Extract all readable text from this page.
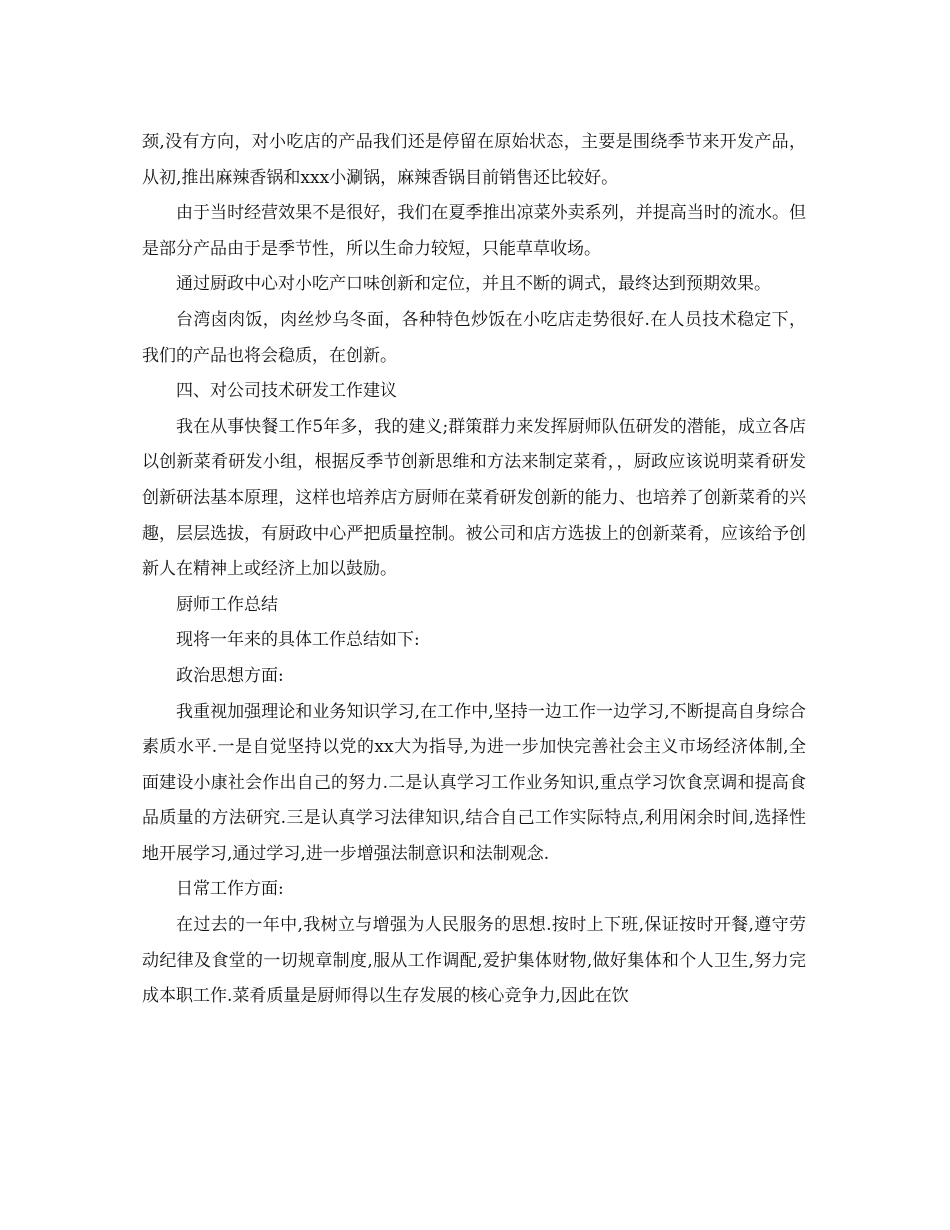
颈,没有方向，对小吃店的产品我们还是停留在原始状态，主要是围绕季节来开发产品，从初,推出麻辣香锅和xxx小涮锅，麻辣香锅目前销售还比较好。

由于当时经营效果不是很好，我们在夏季推出凉菜外卖系列，并提高当时的流水。但是部分产品由于是季节性，所以生命力较短，只能草草收场。

通过厨政中心对小吃产口味创新和定位，并且不断的调式，最终达到预期效果。

台湾卤肉饭，肉丝炒乌冬面，各种特色炒饭在小吃店走势很好.在人员技术稳定下，我们的产品也将会稳质，在创新。

四、对公司技术研发工作建议

我在从事快餐工作5年多，我的建义;群策群力来发挥厨师队伍研发的潜能，成立各店以创新菜肴研发小组，根据反季节创新思维和方法来制定菜肴，，厨政应该说明菜肴研发创新研法基本原理，这样也培养店方厨师在菜肴研发创新的能力、也培养了创新菜肴的兴趣，层层选拔，有厨政中心严把质量控制。被公司和店方选拔上的创新菜肴，应该给予创新人在精神上或经济上加以鼓励。

厨师工作总结

现将一年来的具体工作总结如下:

政治思想方面:

我重视加强理论和业务知识学习,在工作中,坚持一边工作一边学习,不断提高自身综合素质水平.一是自觉坚持以党的xx大为指导,为进一步加快完善社会主义市场经济体制,全面建设小康社会作出自己的努力.二是认真学习工作业务知识,重点学习饮食烹调和提高食品质量的方法研究.三是认真学习法律知识,结合自己工作实际特点,利用闲余时间,选择性地开展学习,通过学习,进一步增强法制意识和法制观念.

日常工作方面:

在过去的一年中,我树立与增强为人民服务的思想.按时上下班,保证按时开餐,遵守劳动纪律及食堂的一切规章制度,服从工作调配,爱护集体财物,做好集体和个人卫生,努力完成本职工作.菜肴质量是厨师得以生存发展的核心竞争力,因此在饮
